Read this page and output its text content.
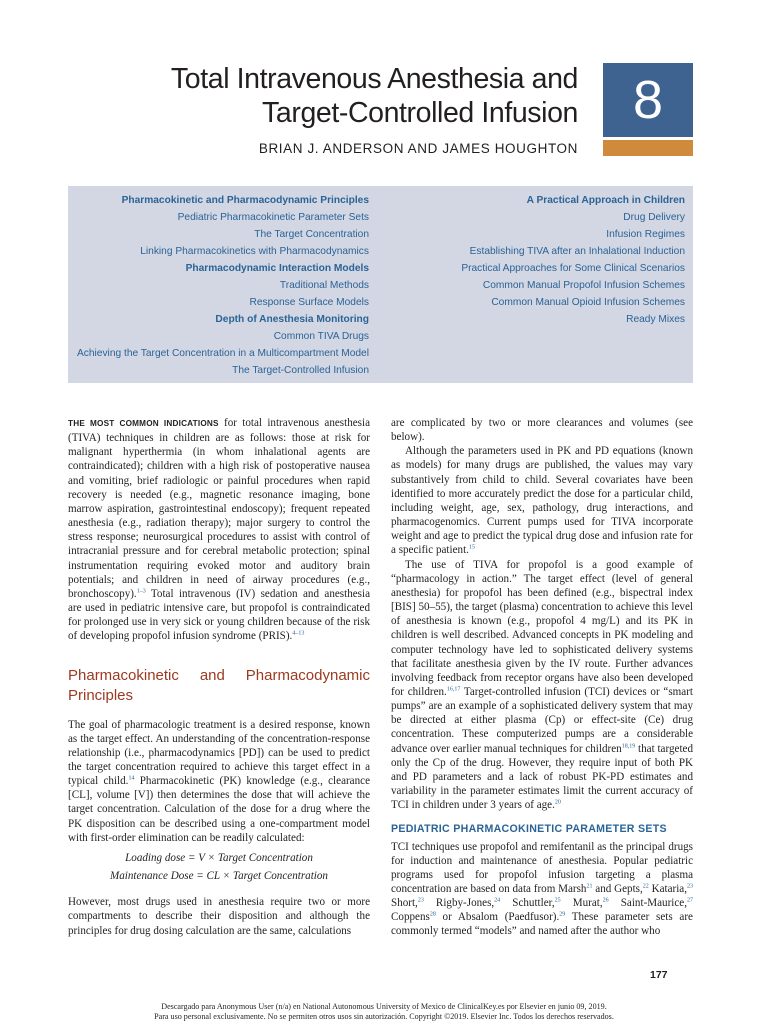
Total Intravenous Anesthesia and
Target-Controlled Infusion
BRIAN J. ANDERSON AND JAMES HOUGHTON
8
Pharmacokinetic and Pharmacodynamic Principles
Pediatric Pharmacokinetic Parameter Sets
The Target Concentration
Linking Pharmacokinetics with Pharmacodynamics
Pharmacodynamic Interaction Models
Traditional Methods
Response Surface Models
Depth of Anesthesia Monitoring
Common TIVA Drugs
Achieving the Target Concentration in a Multicompartment Model
The Target-Controlled Infusion
A Practical Approach in Children
Drug Delivery
Infusion Regimes
Establishing TIVA after an Inhalational Induction
Practical Approaches for Some Clinical Scenarios
Common Manual Propofol Infusion Schemes
Common Manual Opioid Infusion Schemes
Ready Mixes

THE MOST COMMON INDICATIONS for total intravenous anesthesia (TIVA) techniques in children are as follows: those at risk for malignant hyperthermia (in whom inhalational agents are contraindicated); children with a high risk of postoperative nausea and vomiting, brief radiologic or painful procedures when rapid recovery is needed (e.g., magnetic resonance imaging, bone marrow aspiration, gastrointestinal endoscopy); frequent repeated anesthesia (e.g., radiation therapy); major surgery to control the stress response; neurosurgical procedures to assist with control of intracranial pressure and for cerebral metabolic protection; spinal instrumentation requiring evoked motor and auditory brain potentials; and children in need of airway procedures (e.g., bronchoscopy).$^{1-3}$ Total intravenous (IV) sedation and anesthesia are used in pediatric intensive care, but propofol is contraindicated for prolonged use in very sick or young children because of the risk of developing propofol infusion syndrome (PRIS).$^{4-13}$

Pharmacokinetic and Pharmacodynamic Principles

The goal of pharmacologic treatment is a desired response, known as the target effect. An understanding of the concentration-response relationship (i.e., pharmacodynamics [PD]) can be used to predict the target concentration required to achieve this target effect in a typical child.$^{14}$ Pharmacokinetic (PK) knowledge (e.g., clearance [CL], volume [V]) then determines the dose that will achieve the target concentration. Calculation of the dose for a drug where the PK disposition can be described using a one-compartment model with first-order elimination can be readily calculated:

Loading dose = V × Target Concentration
Maintenance Dose = CL × Target Concentration

However, most drugs used in anesthesia require two or more compartments to describe their disposition and although the principles for drug dosing calculation are the same, calculations

are complicated by two or more clearances and volumes (see below).

Although the parameters used in PK and PD equations (known as models) for many drugs are published, the values may vary substantively from child to child. Several covariates have been identified to more accurately predict the dose for a particular child, including weight, age, sex, pathology, drug interactions, and pharmacogenomics. Current pumps used for TIVA incorporate weight and age to predict the typical drug dose and infusion rate for a specific patient.$^{15}$

The use of TIVA for propofol is a good example of “pharmacology in action.” The target effect (level of general anesthesia) for propofol has been defined (e.g., bispectral index [BIS] 50–55), the target (plasma) concentration to achieve this level of anesthesia is known (e.g., propofol 4 mg/L) and its PK in children is well described. Advanced concepts in PK modeling and computer technology have led to sophisticated delivery systems that facilitate anesthesia given by the IV route. Further advances involving feedback from receptor organs have also been developed for children.$^{16,17}$ Target-controlled infusion (TCI) devices or “smart pumps” are an example of a sophisticated delivery system that may be directed at either plasma (Cp) or effect-site (Ce) drug concentration. These computerized pumps are a considerable advance over earlier manual techniques for children$^{18,19}$ that targeted only the Cp of the drug. However, they require input of both PK and PD parameters and a lack of robust PK-PD estimates and variability in the parameter estimates limit the current accuracy of TCI in children under 3 years of age.$^{20}$

PEDIATRIC PHARMACOKINETIC PARAMETER SETS

TCI techniques use propofol and remifentanil as the principal drugs for induction and maintenance of anesthesia. Popular pediatric programs used for propofol infusion targeting a plasma concentration are based on data from Marsh$^{21}$ and Gepts,$^{22}$ Kataria,$^{23}$ Short,$^{23}$ Rigby-Jones,$^{24}$ Schuttler,$^{25}$ Murat,$^{26}$ Saint-Maurice,$^{27}$ Coppens$^{28}$ or Absalom (Paedfusor).$^{29}$ These parameter sets are commonly termed “models” and named after the author who

177
Descargado para Anonymous User (n/a) en National Autonomous University of Mexico de ClinicalKey.es por Elsevier en junio 09, 2019.
Para uso personal exclusivamente. No se permiten otros usos sin autorización. Copyright ©2019. Elsevier Inc. Todos los derechos reservados.
